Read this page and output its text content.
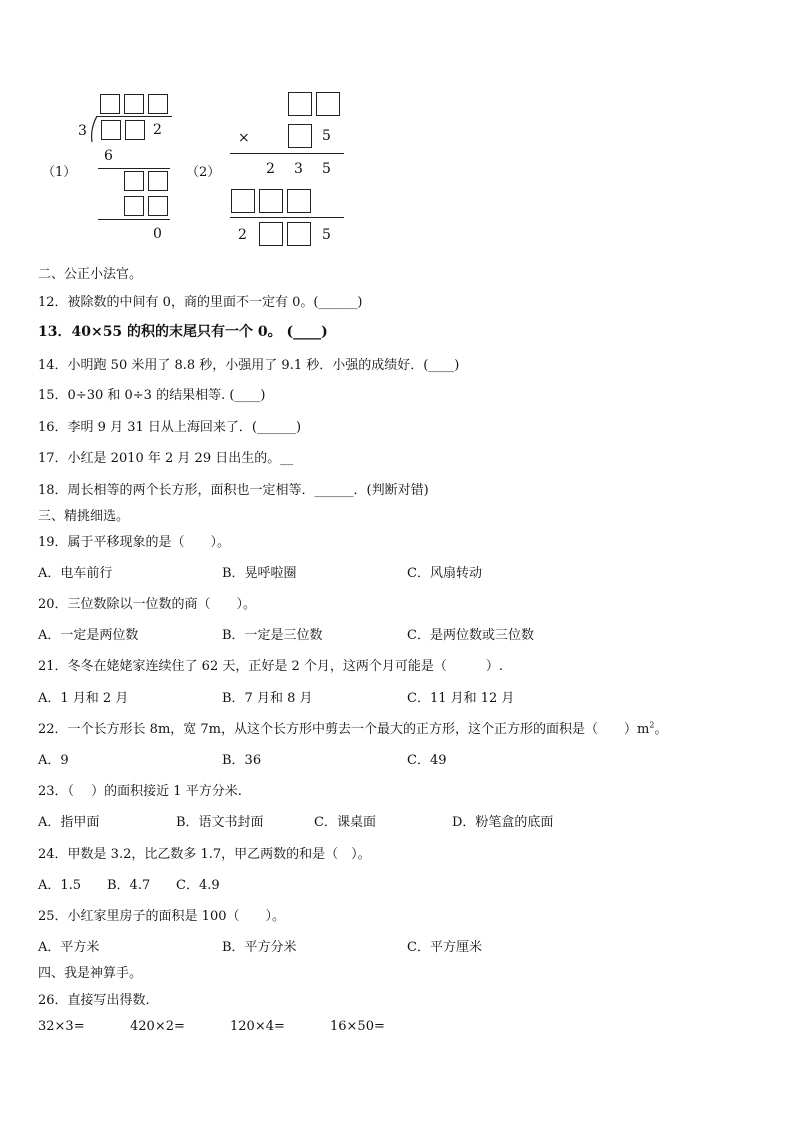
（1）
3	2
6
0
（2）
×	5
2 3 5
2	5
二、公正小法官。
12．被除数的中间有 0，商的里面不一定有 0。(______)
13．40×55 的积的末尾只有一个 0。 (____)
14．小明跑 50 米用了 8.8 秒，小强用了 9.1 秒．小强的成绩好．(____)
15．0÷30 和 0÷3 的结果相等. (____)
16．李明 9 月 31 日从上海回来了．(______)
17．小红是 2010 年 2 月 29 日出生的。__
18．周长相等的两个长方形，面积也一定相等．______．(判断对错)
三、精挑细选。
19．属于平移现象的是（　　）。
A．电车前行	B．晃呼啦圈	C．风扇转动
20．三位数除以一位数的商（　　）。
A．一定是两位数	B．一定是三位数	C．是两位数或三位数
21．冬冬在姥姥家连续住了 62 天，正好是 2 个月，这两个月可能是（　　　）.
A．1 月和 2 月	B．7 月和 8 月	C．11 月和 12 月
22．一个长方形长 8m，宽 7m，从这个长方形中剪去一个最大的正方形，这个正方形的面积是（　　）$m^2$。
A．9	B．36	C．49
23．（　 ）的面积接近 1 平方分米.
A．指甲面	B．语文书封面	C．课桌面	D．粉笔盒的底面
24．甲数是 3.2，比乙数多 1.7，甲乙两数的和是（　）。
A．1.5 B．4.7 C．4.9
25．小红家里房子的面积是 100（　　）。
A．平方米	B．平方分米	C．平方厘米
四、我是神算手。
26．直接写出得数.
32×3=	420×2=	120×4=	16×50=
